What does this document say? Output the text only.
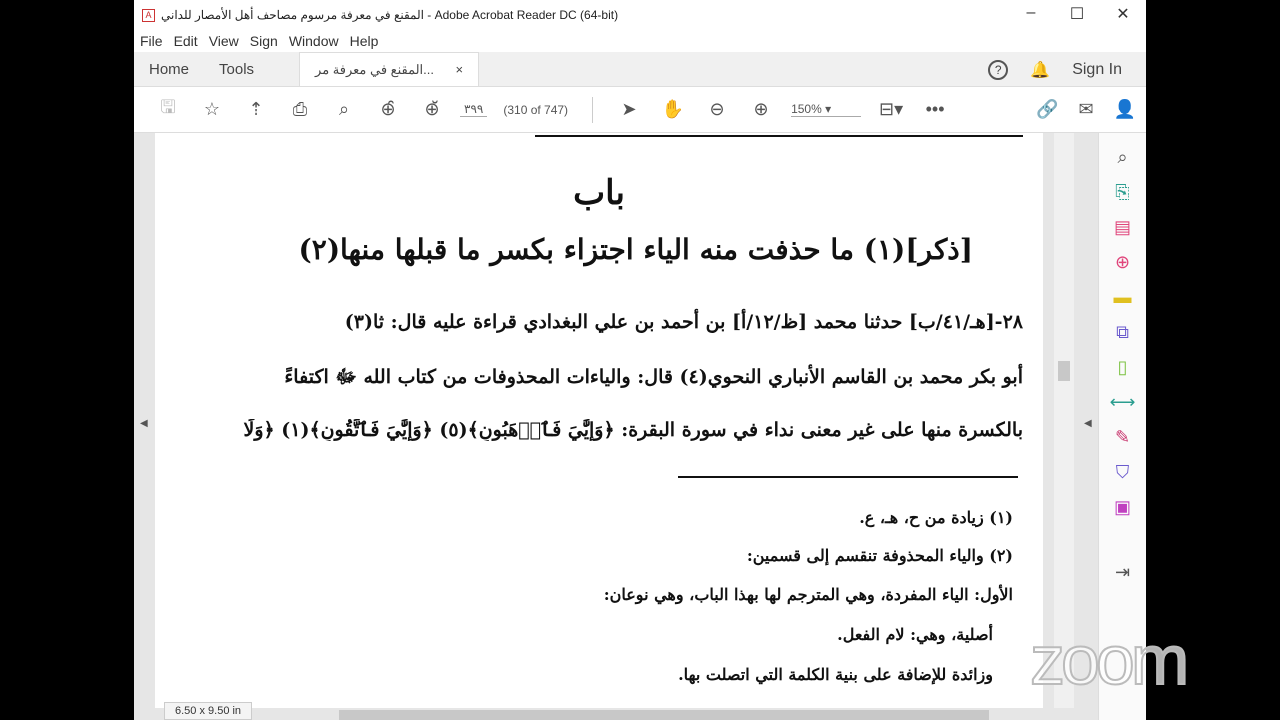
A المقنع في معرفة مرسوم مصاحف أهل الأمصار للداني - Adobe Acrobat Reader DC (64-bit)	–	☐	✕
File Edit View Sign Window Help
Home	Tools	المقنع في معرفة مر... ×	?	🔔 Sign In
🖫	☆	⇡	⎙	⌕	⊕̑	⊕̆	٣٩٩	(310 of 747)	➤	✋	⊖	⊕	150% ▾	⊟▾	•••	🔗 ✉ 👤
◀
باب
[ذكر](١) ما حذفت منه الياء اجتزاء بكسر ما قبلها منها(٢)

٢٨-[هـ/٤١/ب] حدثنا محمد [ظ/١٢/أ] بن أحمد بن علي البغدادي قراءة عليه قال: ثا(٣)

أبو بكر محمد بن القاسم الأنباري النحوي(٤) قال: والياءات المحذوفات من كتاب الله ﷻ اكتفاءً

بالكسرة منها على غير معنى نداء في سورة البقرة: ﴿وَإِيَّٰيَ فَٱرۡهَبُونِ﴾(٥) ﴿وَإِيَّٰيَ فَٱتَّقُونِ﴾(١) ﴿وَلَا

(١) زيادة من ح، هـ، ع.

(٢) والياء المحذوفة تنقسم إلى قسمين:

الأول: الياء المفردة، وهي المترجم لها بهذا الباب، وهي نوعان:

أصلية، وهي: لام الفعل.

وزائدة للإضافة على بنية الكلمة التي اتصلت بها.

◀
6.50 x 9.50 in
⌕
⎘
▤
⊕
▬
⧉
▯
⟷
✎
⛉
▣
⇥
zoom
